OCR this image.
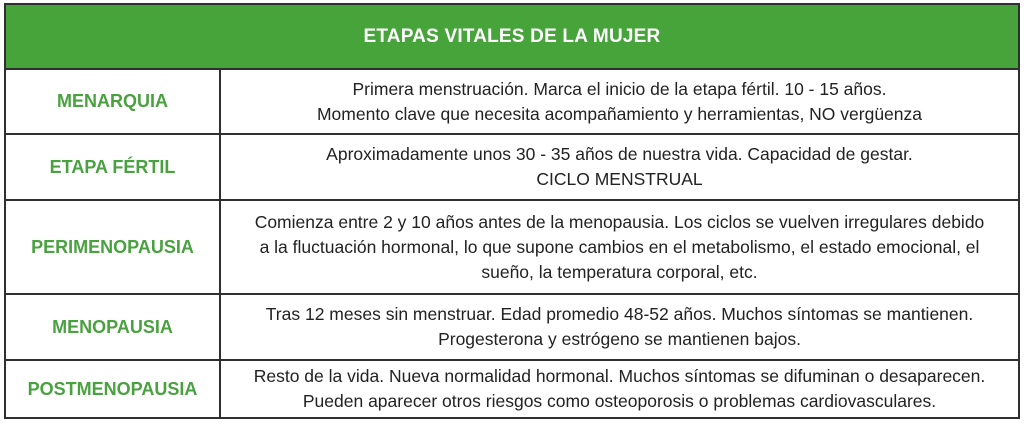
ETAPAS VITALES DE LA MUJER
MENARQUIA
Primera menstruación. Marca el inicio de la etapa fértil. 10 - 15 años.
Momento clave que necesita acompañamiento y herramientas, NO vergüenza
ETAPA FÉRTIL
Aproximadamente unos 30 - 35 años de nuestra vida. Capacidad de gestar.
CICLO MENSTRUAL
PERIMENOPAUSIA
Comienza entre 2 y 10 años antes de la menopausia. Los ciclos se vuelven irregulares debido
a la fluctuación hormonal, lo que supone cambios en el metabolismo, el estado emocional, el
sueño, la temperatura corporal, etc.
MENOPAUSIA
Tras 12 meses sin menstruar. Edad promedio 48-52 años. Muchos síntomas se mantienen.
Progesterona y estrógeno se mantienen bajos.
POSTMENOPAUSIA
Resto de la vida. Nueva normalidad hormonal. Muchos síntomas se difuminan o desaparecen.
Pueden aparecer otros riesgos como osteoporosis o problemas cardiovasculares.
